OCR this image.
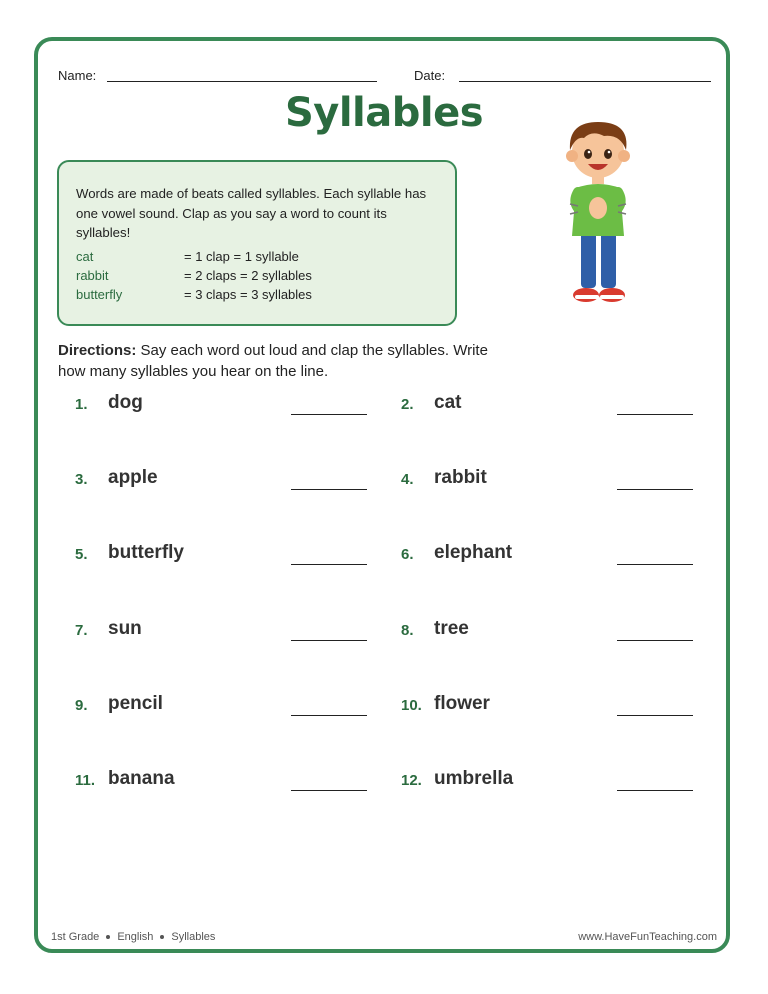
Name:	Date:
Syllables
Words are made of beats called syllables. Each syllable has one vowel sound. Clap as you say a word to count its syllables!
cat	= 1 clap = 1 syllable
rabbit	= 2 claps = 2 syllables
butterfly	= 3 claps = 3 syllables
Directions: Say each word out loud and clap the syllables. Write how many syllables you hear on the line.
1. dog	2. cat
3. apple	4. rabbit
5. butterfly	6. elephant
7. sun	8. tree
9. pencil	10. flower
11. banana	12. umbrella
1st Grade English Syllables	www.HaveFunTeaching.com
